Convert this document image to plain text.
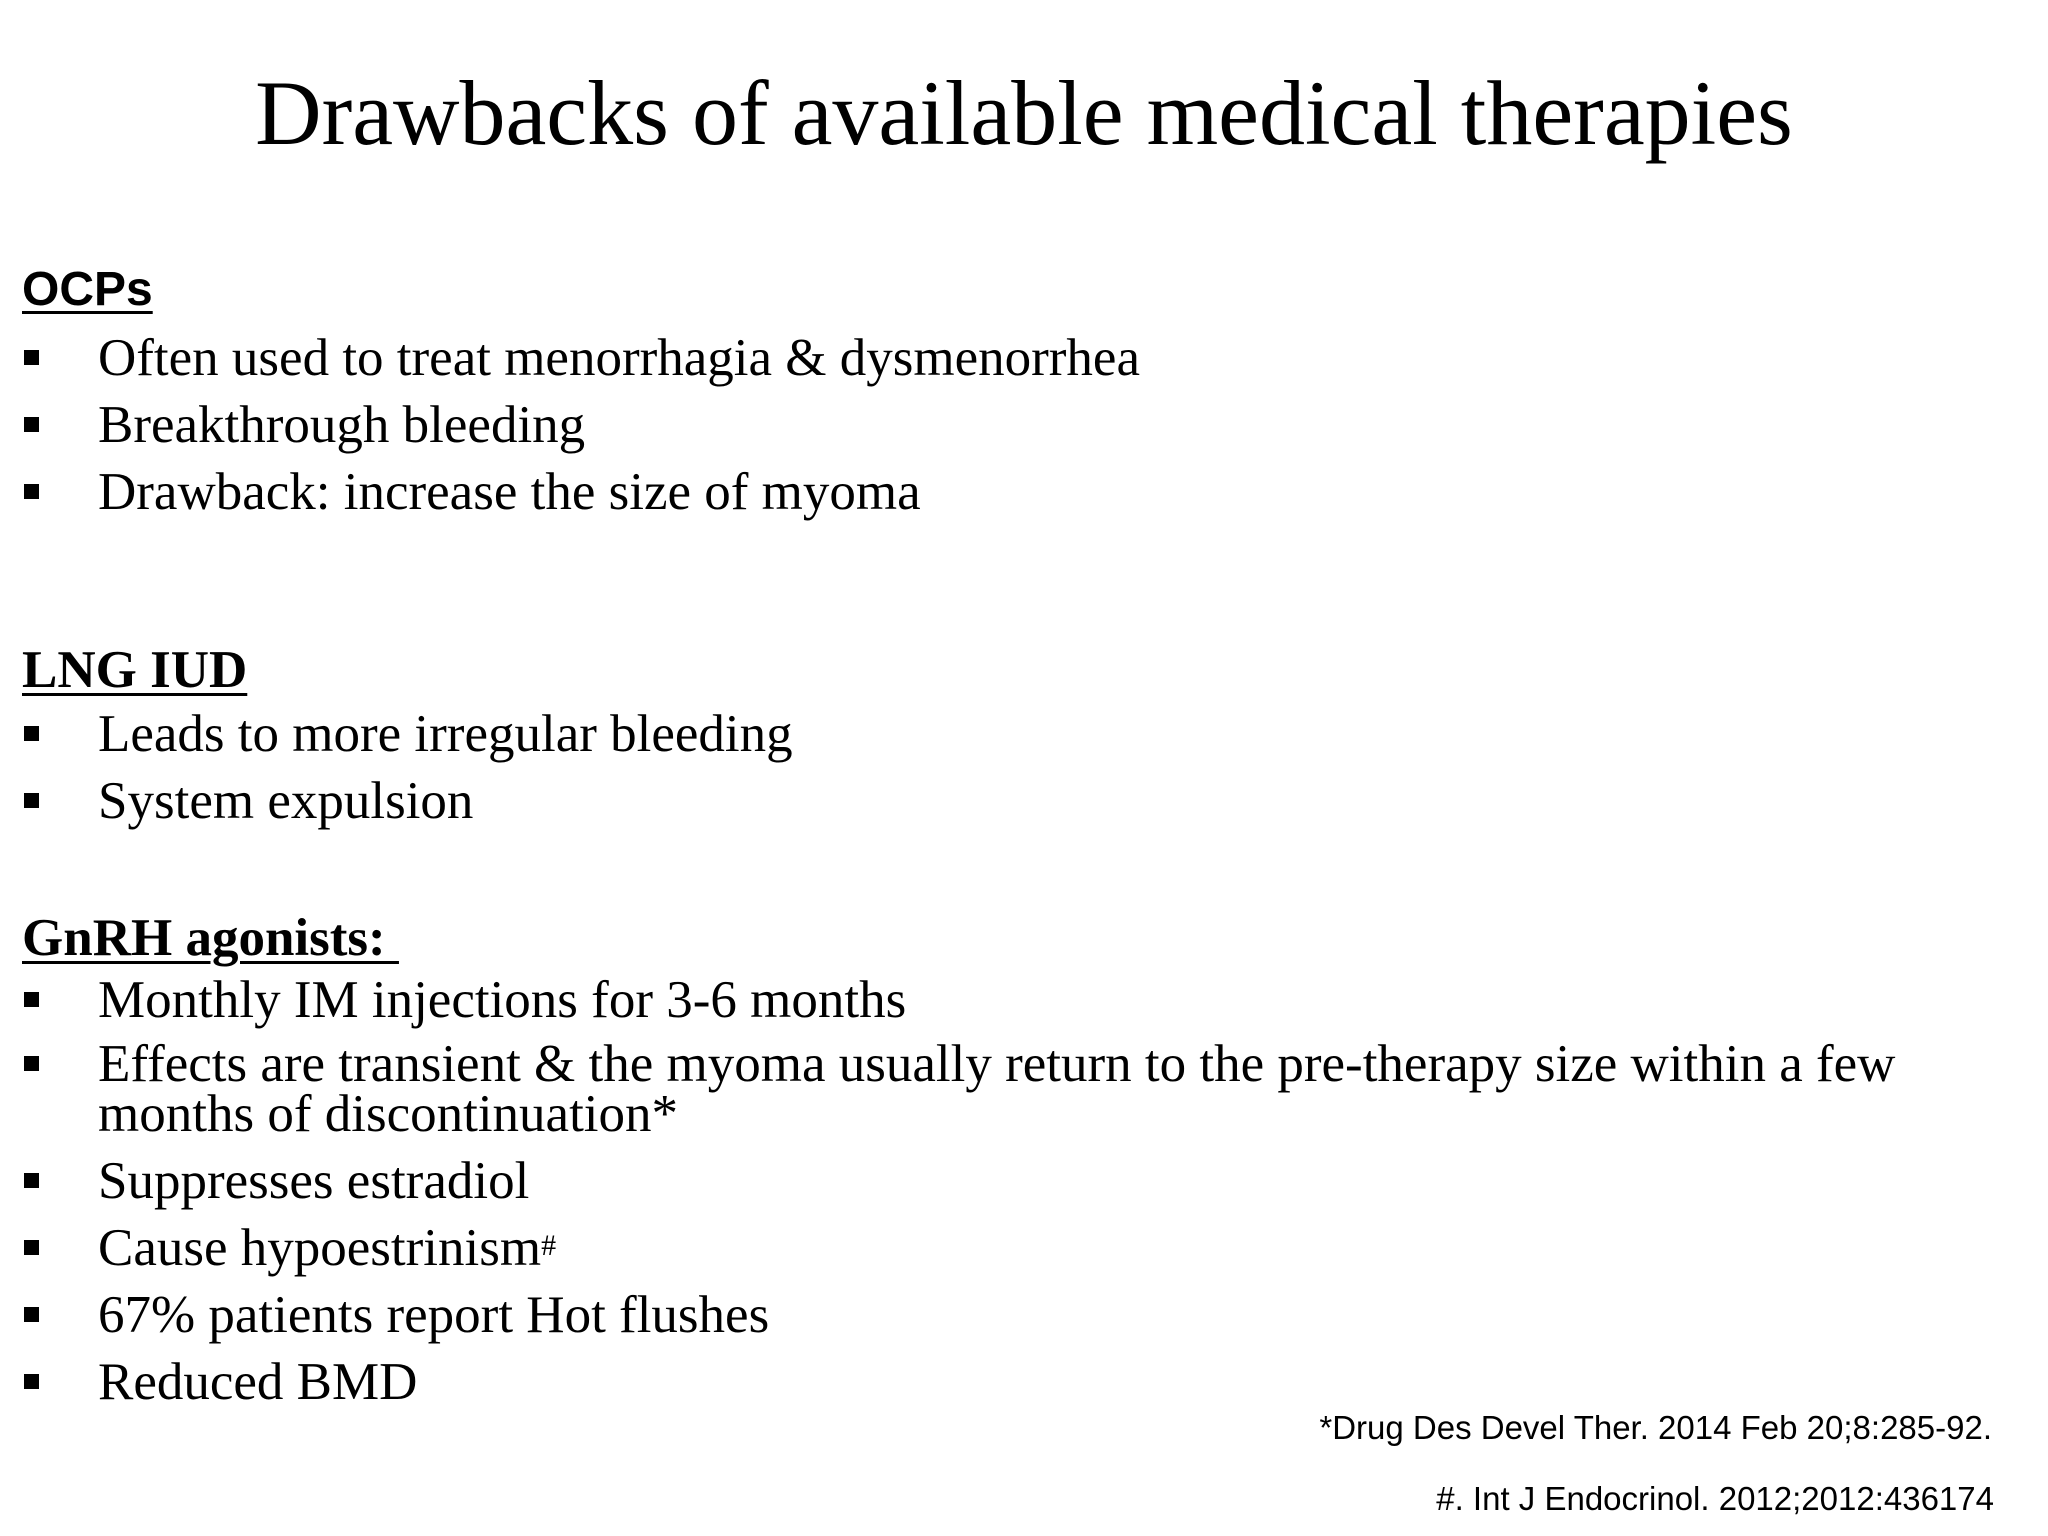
Drawbacks of available medical therapies
OCPs
Often used to treat menorrhagia & dysmenorrhea
Breakthrough bleeding
Drawback: increase the size of myoma
LNG IUD
Leads to more irregular bleeding
System expulsion
GnRH agonists:
Monthly IM injections for 3-6 months
Effects are transient & the myoma usually return to the pre-therapy size within a few months of discontinuation*
Suppresses estradiol
Cause hypoestrinism#
67% patients report Hot flushes
Reduced BMD
*Drug Des Devel Ther. 2014 Feb 20;8:285-92.
#. Int J Endocrinol. 2012;2012:436174
